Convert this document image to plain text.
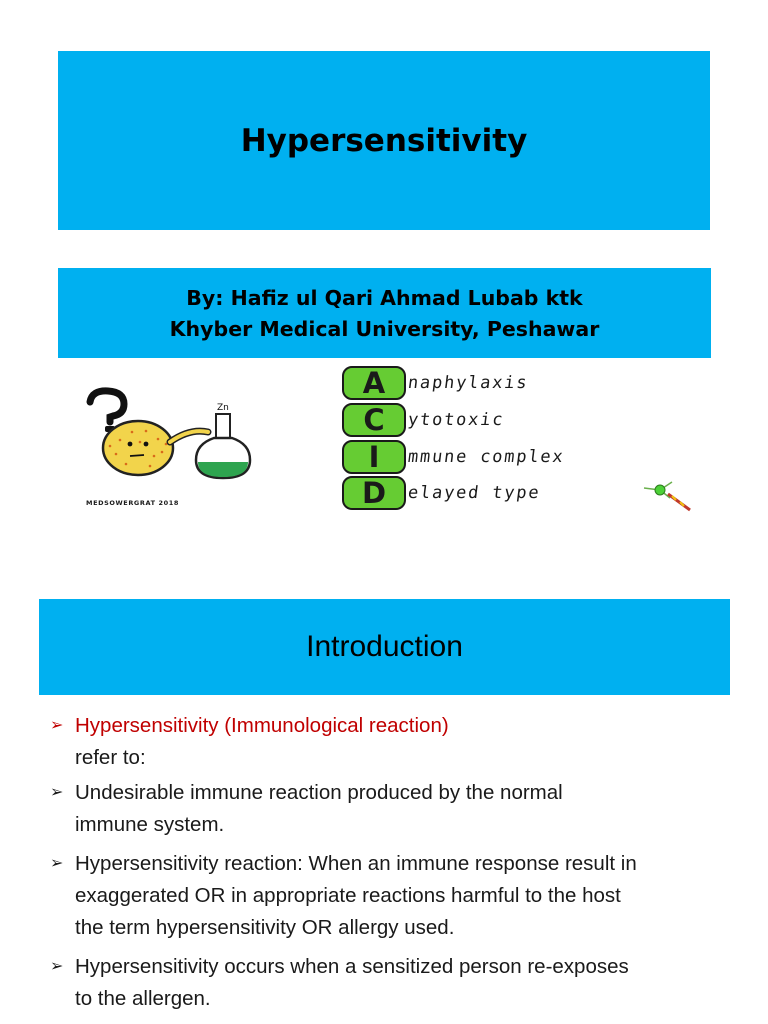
Hypersensitivity
By: Hafiz ul Qari Ahmad Lubab ktk
Khyber Medical University, Peshawar
Zn
MEDSOWERGRAT 2018
A	naphylaxis
C	ytotoxic
I	mmune complex
D	elayed type
Introduction
➢ Hypersensitivity (Immunological reaction)
refer to:
➢ Undesirable immune reaction produced by the normal
immune system.
➢ Hypersensitivity reaction: When an immune response result in
exaggerated OR in appropriate reactions harmful to the host
the term hypersensitivity OR allergy used.
➢ Hypersensitivity occurs when a sensitized person re-exposes
to the allergen.
